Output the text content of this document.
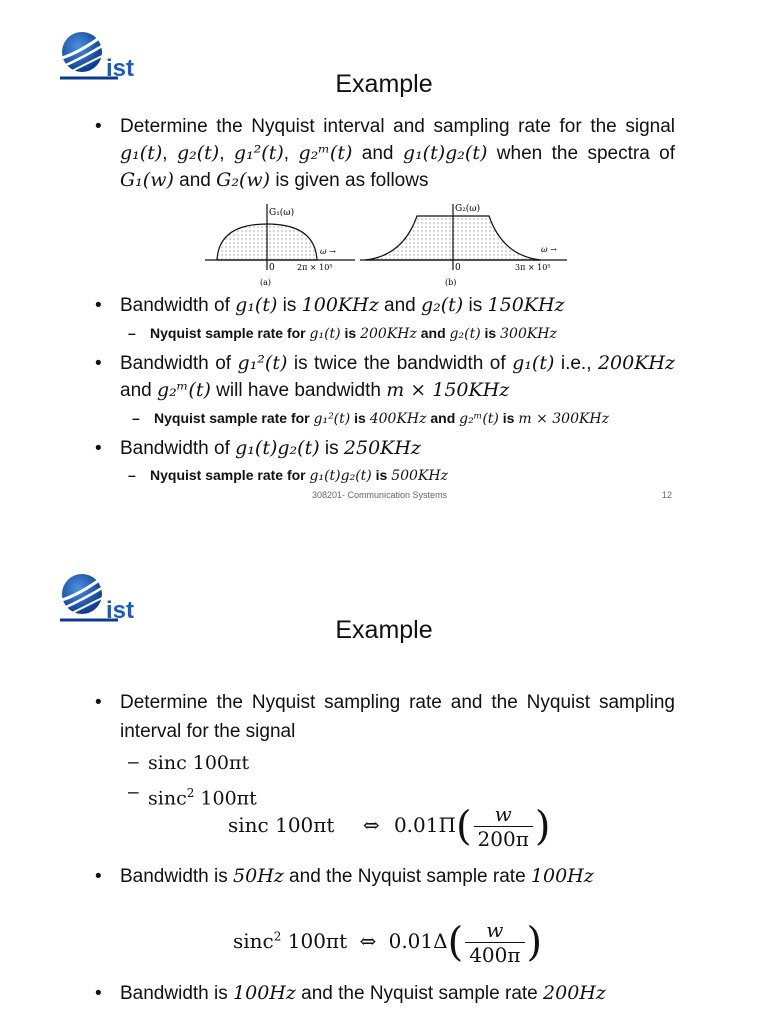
ist
Example
• Determine the Nyquist interval and sampling rate for the signal g₁(t), g₂(t), g₁²(t), g₂ᵐ(t) and g₁(t)g₂(t) when the spectra of G₁(w) and G₂(w) is given as follows
G₁(ω)
0
ω →
2π × 10⁵
(a)
G₂(ω)
0
ω →
3π × 10⁵
(b)
• Bandwidth of g₁(t) is 100KHz and g₂(t) is 150KHz
– Nyquist sample rate for g₁(t) is 200KHz and g₂(t) is 300KHz
• Bandwidth of g₁²(t) is twice the bandwidth of g₁(t) i.e., 200KHz and g₂ᵐ(t) will have bandwidth m × 150KHz
– Nyquist sample rate for g₁²(t) is 400KHz and g₂ᵐ(t) is m × 300KHz
• Bandwidth of g₁(t)g₂(t) is 250KHz
– Nyquist sample rate for g₁(t)g₂(t) is 500KHz
308201- Communication Systems	12
ist
Example
• Determine the Nyquist sampling rate and the Nyquist sampling interval for the signal
– sinc 100πt
– sinc$^2$ 100πt
sinc 100πt ⇔ $0.01\Pi( \frac{w}{200\pi}$ )
• Bandwidth is 50Hz and the Nyquist sample rate 100Hz
sinc$^2$ 100πt ⇔ $0.01\Delta( \frac{w}{400\pi}$ )
• Bandwidth is 100Hz and the Nyquist sample rate 200Hz
